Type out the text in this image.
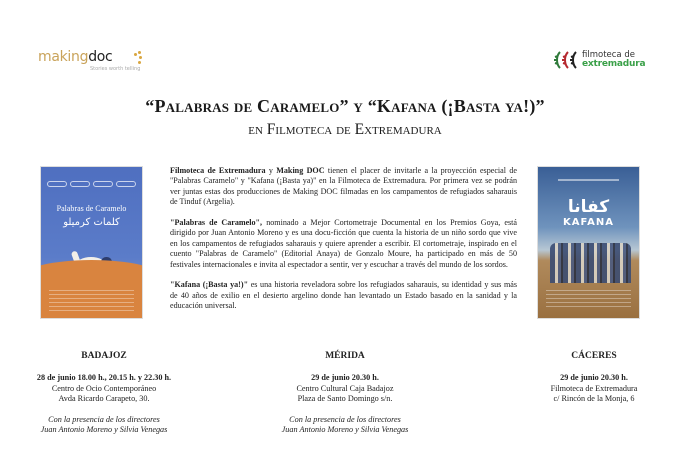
makingdoc
Stories worth telling
filmoteca de
extremadura
“Palabras de Caramelo” y “Kafana (¡Basta ya!)”
en Filmoteca de Extremadura
Palabras de Caramelo
كلمات كرميلو
كفانا
KAFANA

Filmoteca de Extremadura y Making DOC tienen el placer de invitarle a la proyección especial de "Palabras Caramelo" y "Kafana (¡Basta ya)" en la Filmoteca de Extremadura. Por primera vez se podrán ver juntas estas dos producciones de Making DOC filmadas en los campamentos de refugiados saharauis de Tinduf (Argelia).

"Palabras de Caramelo", nominado a Mejor Cortometraje Documental en los Premios Goya, está dirigido por Juan Antonio Moreno y es una docu-ficción que cuenta la historia de un niño sordo que vive en los campamentos de refugiados saharauis y quiere aprender a escribir. El cortometraje, inspirado en el cuento "Palabras de Caramelo" (Editorial Anaya) de Gonzalo Moure, ha participado en más de 50 festivales internacionales e invita al espectador a sentir, ver y escuchar a través del mundo de los sordos.

"Kafana (¡Basta ya!)" es una historia reveladora sobre los refugiados saharauis, su identidad y sus más de 40 años de exilio en el desierto argelino donde han levantado un Estado basado en la sanidad y la educación universal.

BADAJOZ
28 de junio 18.00 h., 20.15 h. y 22.30 h.
Centro de Ocio Contemporáneo
Avda Ricardo Carapeto, 30.
Con la presencia de los directores
Juan Antonio Moreno y Silvia Venegas
MÉRIDA
29 de junio 20.30 h.
Centro Cultural Caja Badajoz
Plaza de Santo Domingo s/n.
Con la presencia de los directores
Juan Antonio Moreno y Silvia Venegas
CÁCERES
29 de junio 20.30 h.
Filmoteca de Extremadura
c/ Rincón de la Monja, 6
